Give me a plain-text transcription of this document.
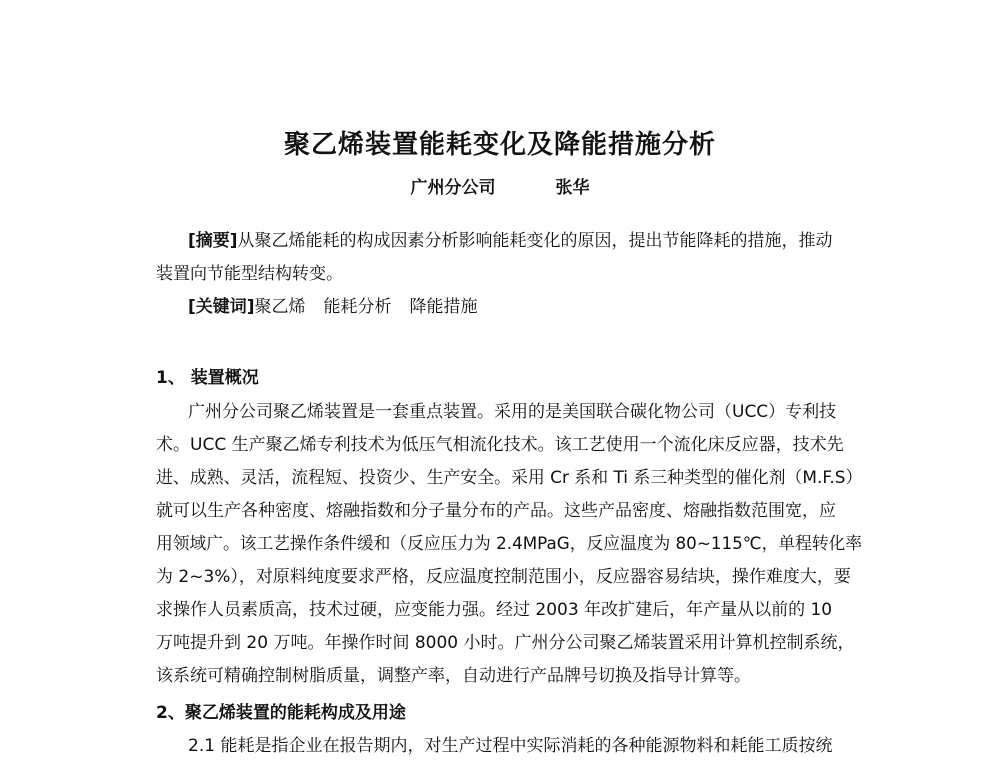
聚乙烯装置能耗变化及降能措施分析
广州分公司	张华
[摘要]从聚乙烯能耗的构成因素分析影响能耗变化的原因，提出节能降耗的措施，推动
装置向节能型结构转变。
[关键词]聚乙烯 能耗分析 降能措施
1、 装置概况
广州分公司聚乙烯装置是一套重点装置。采用的是美国联合碳化物公司（UCC）专利技
术。UCC 生产聚乙烯专利技术为低压气相流化技术。该工艺使用一个流化床反应器，技术先
进、成熟、灵活，流程短、投资少、生产安全。采用 Cr 系和 Ti 系三种类型的催化剂（M.F.S）
就可以生产各种密度、熔融指数和分子量分布的产品。这些产品密度、熔融指数范围宽，应
用领域广。该工艺操作条件缓和（反应压力为 2.4MPaG，反应温度为 80~115℃，单程转化率
为 2~3%），对原料纯度要求严格，反应温度控制范围小，反应器容易结块，操作难度大，要
求操作人员素质高，技术过硬，应变能力强。经过 2003 年改扩建后，年产量从以前的 10
万吨提升到 20 万吨。年操作时间 8000 小时。广州分公司聚乙烯装置采用计算机控制系统，
该系统可精确控制树脂质量，调整产率，自动进行产品牌号切换及指导计算等。
2、聚乙烯装置的能耗构成及用途
2.1 能耗是指企业在报告期内，对生产过程中实际消耗的各种能源物料和耗能工质按统
